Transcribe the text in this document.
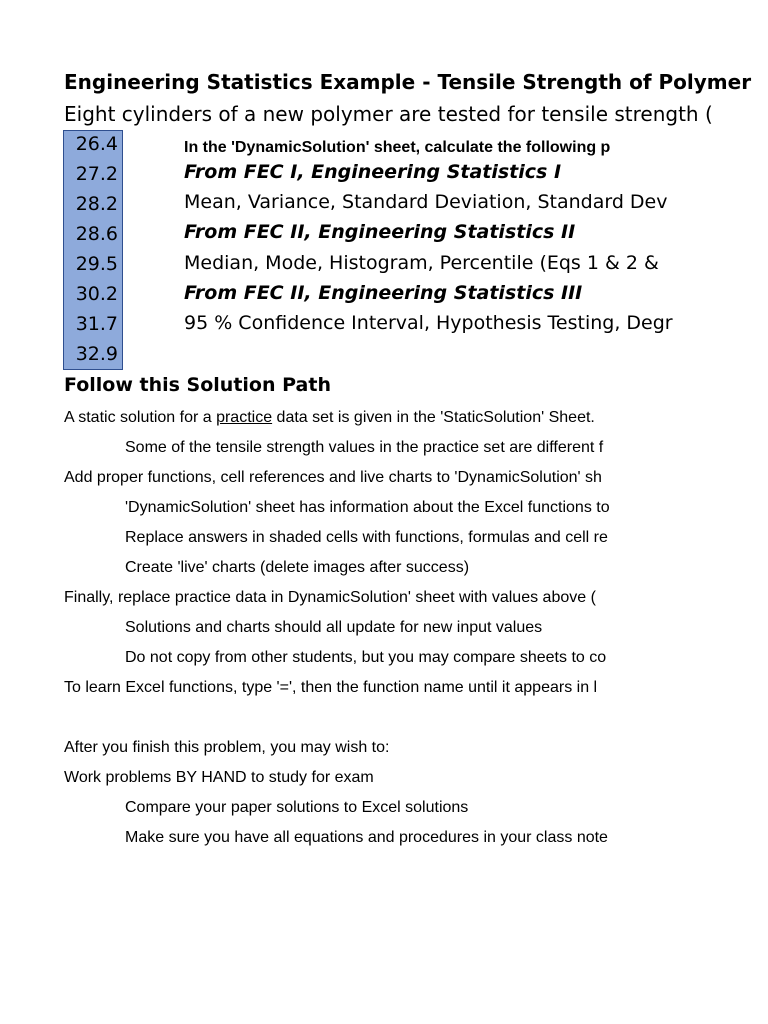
Engineering Statistics Example - Tensile Strength of Polymer
Eight cylinders of a new polymer are tested for tensile strength (
26.4
27.2
28.2
28.6
29.5
30.2
31.7
32.9
In the 'DynamicSolution' sheet, calculate the following p
From FEC I, Engineering Statistics I
Mean, Variance, Standard Deviation, Standard Dev
From FEC II, Engineering Statistics II
Median, Mode, Histogram, Percentile (Eqs 1 & 2 &
From FEC II, Engineering Statistics III
95 % Confidence Interval, Hypothesis Testing, Degr
Follow this Solution Path
A static solution for a practice data set is given in the 'StaticSolution' Sheet.
Some of the tensile strength values in the practice set are different f
Add proper functions, cell references and live charts to 'DynamicSolution' sh
'DynamicSolution' sheet has information about the Excel functions to
Replace answers in shaded cells with functions, formulas and cell re
Create 'live' charts (delete images after success)
Finally, replace practice data in DynamicSolution' sheet with values above (
Solutions and charts should all update for new input values
Do not copy from other students, but you may compare sheets to co
To learn Excel functions, type '=', then the function name until it appears in l
After you finish this problem, you may wish to:
Work problems BY HAND to study for exam
Compare your paper solutions to Excel solutions
Make sure you have all equations and procedures in your class note
